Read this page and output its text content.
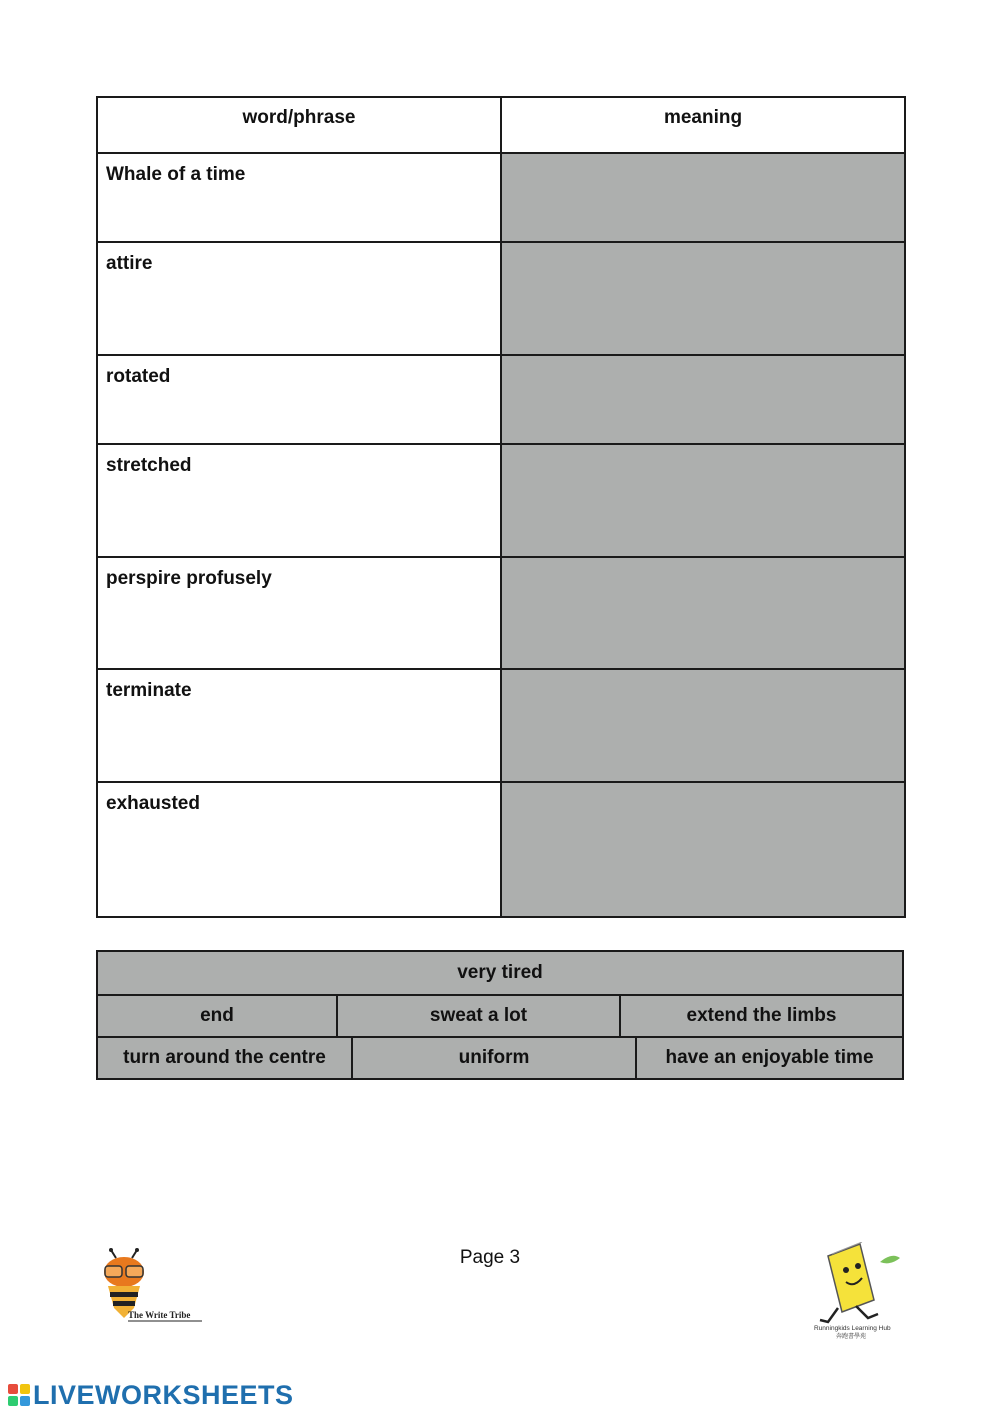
word/phrase	meaning
Whale of a time	
attire	
rotated	
stretched	
perspire profusely	
terminate	
exhausted	
very tired
end	sweat a lot	extend the limbs
turn around the centre	uniform	have an enjoyable time
Page 3
The Write Tribe
Runningkids Learning Hub
奔跑書學苑
LIVEWORKSHEETS
